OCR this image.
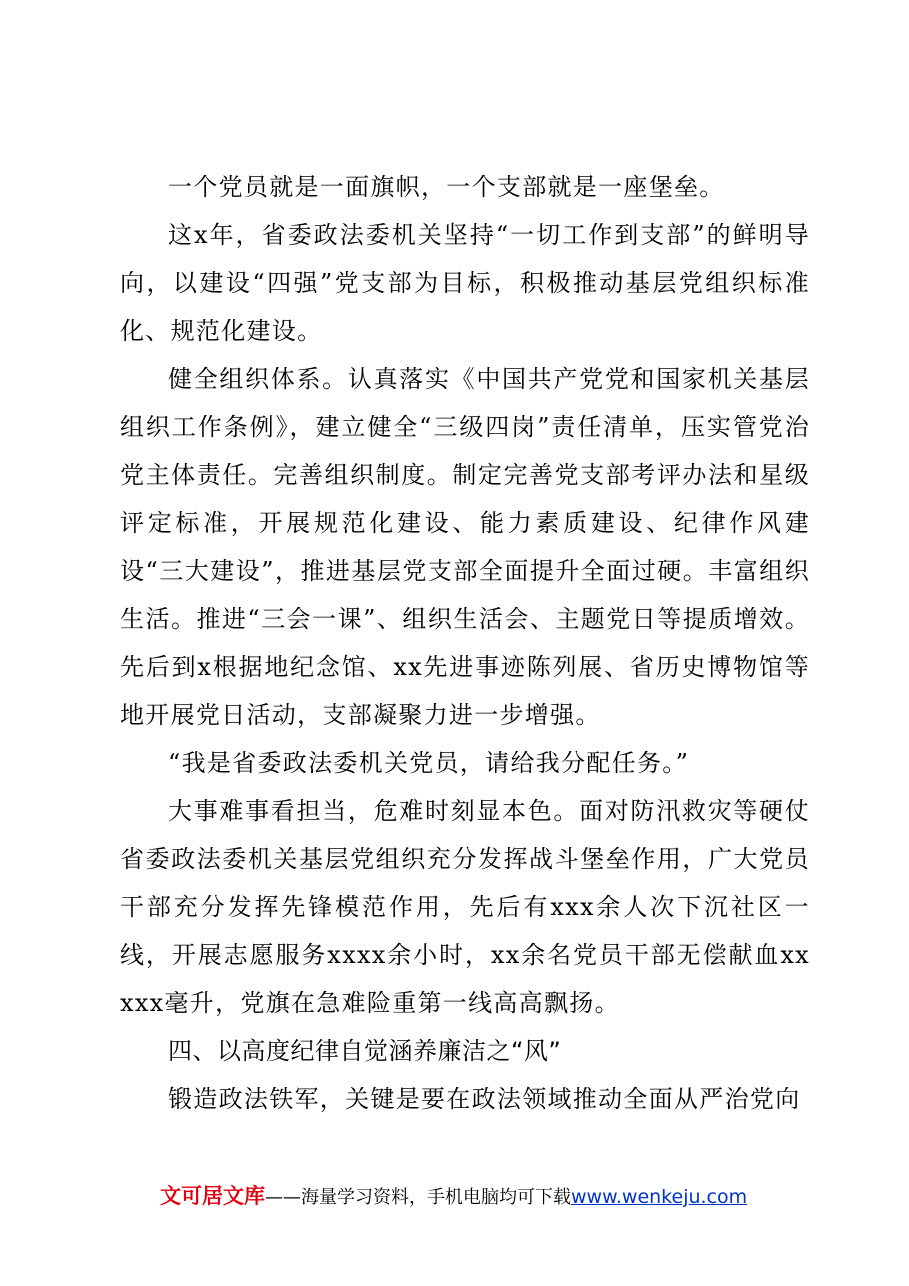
一个党员就是一面旗帜，一个支部就是一座堡垒。

这x年，省委政法委机关坚持“一切工作到支部”的鲜明导向，以建设“四强”党支部为目标，积极推动基层党组织标准化、规范化建设。

健全组织体系。认真落实《中国共产党党和国家机关基层组织工作条例》，建立健全“三级四岗”责任清单，压实管党治党主体责任。完善组织制度。制定完善党支部考评办法和星级评定标准，开展规范化建设、能力素质建设、纪律作风建设“三大建设”，推进基层党支部全面提升全面过硬。丰富组织生活。推进“三会一课”、组织生活会、主题党日等提质增效。先后到x根据地纪念馆、xx先进事迹陈列展、省历史博物馆等地开展党日活动，支部凝聚力进一步增强。

“我是省委政法委机关党员，请给我分配任务。”

大事难事看担当，危难时刻显本色。面对防汛救灾等硬仗省委政法委机关基层党组织充分发挥战斗堡垒作用，广大党员干部充分发挥先锋模范作用，先后有xxx余人次下沉社区一线，开展志愿服务xxxx余小时，xx余名党员干部无偿献血xxxxx毫升，党旗在急难险重第一线高高飘扬。

四、以高度纪律自觉涵养廉洁之“风”

锻造政法铁军，关键是要在政法领域推动全面从严治党向

文可居文库——海量学习资料，手机电脑均可下载www.wenkeju.com
